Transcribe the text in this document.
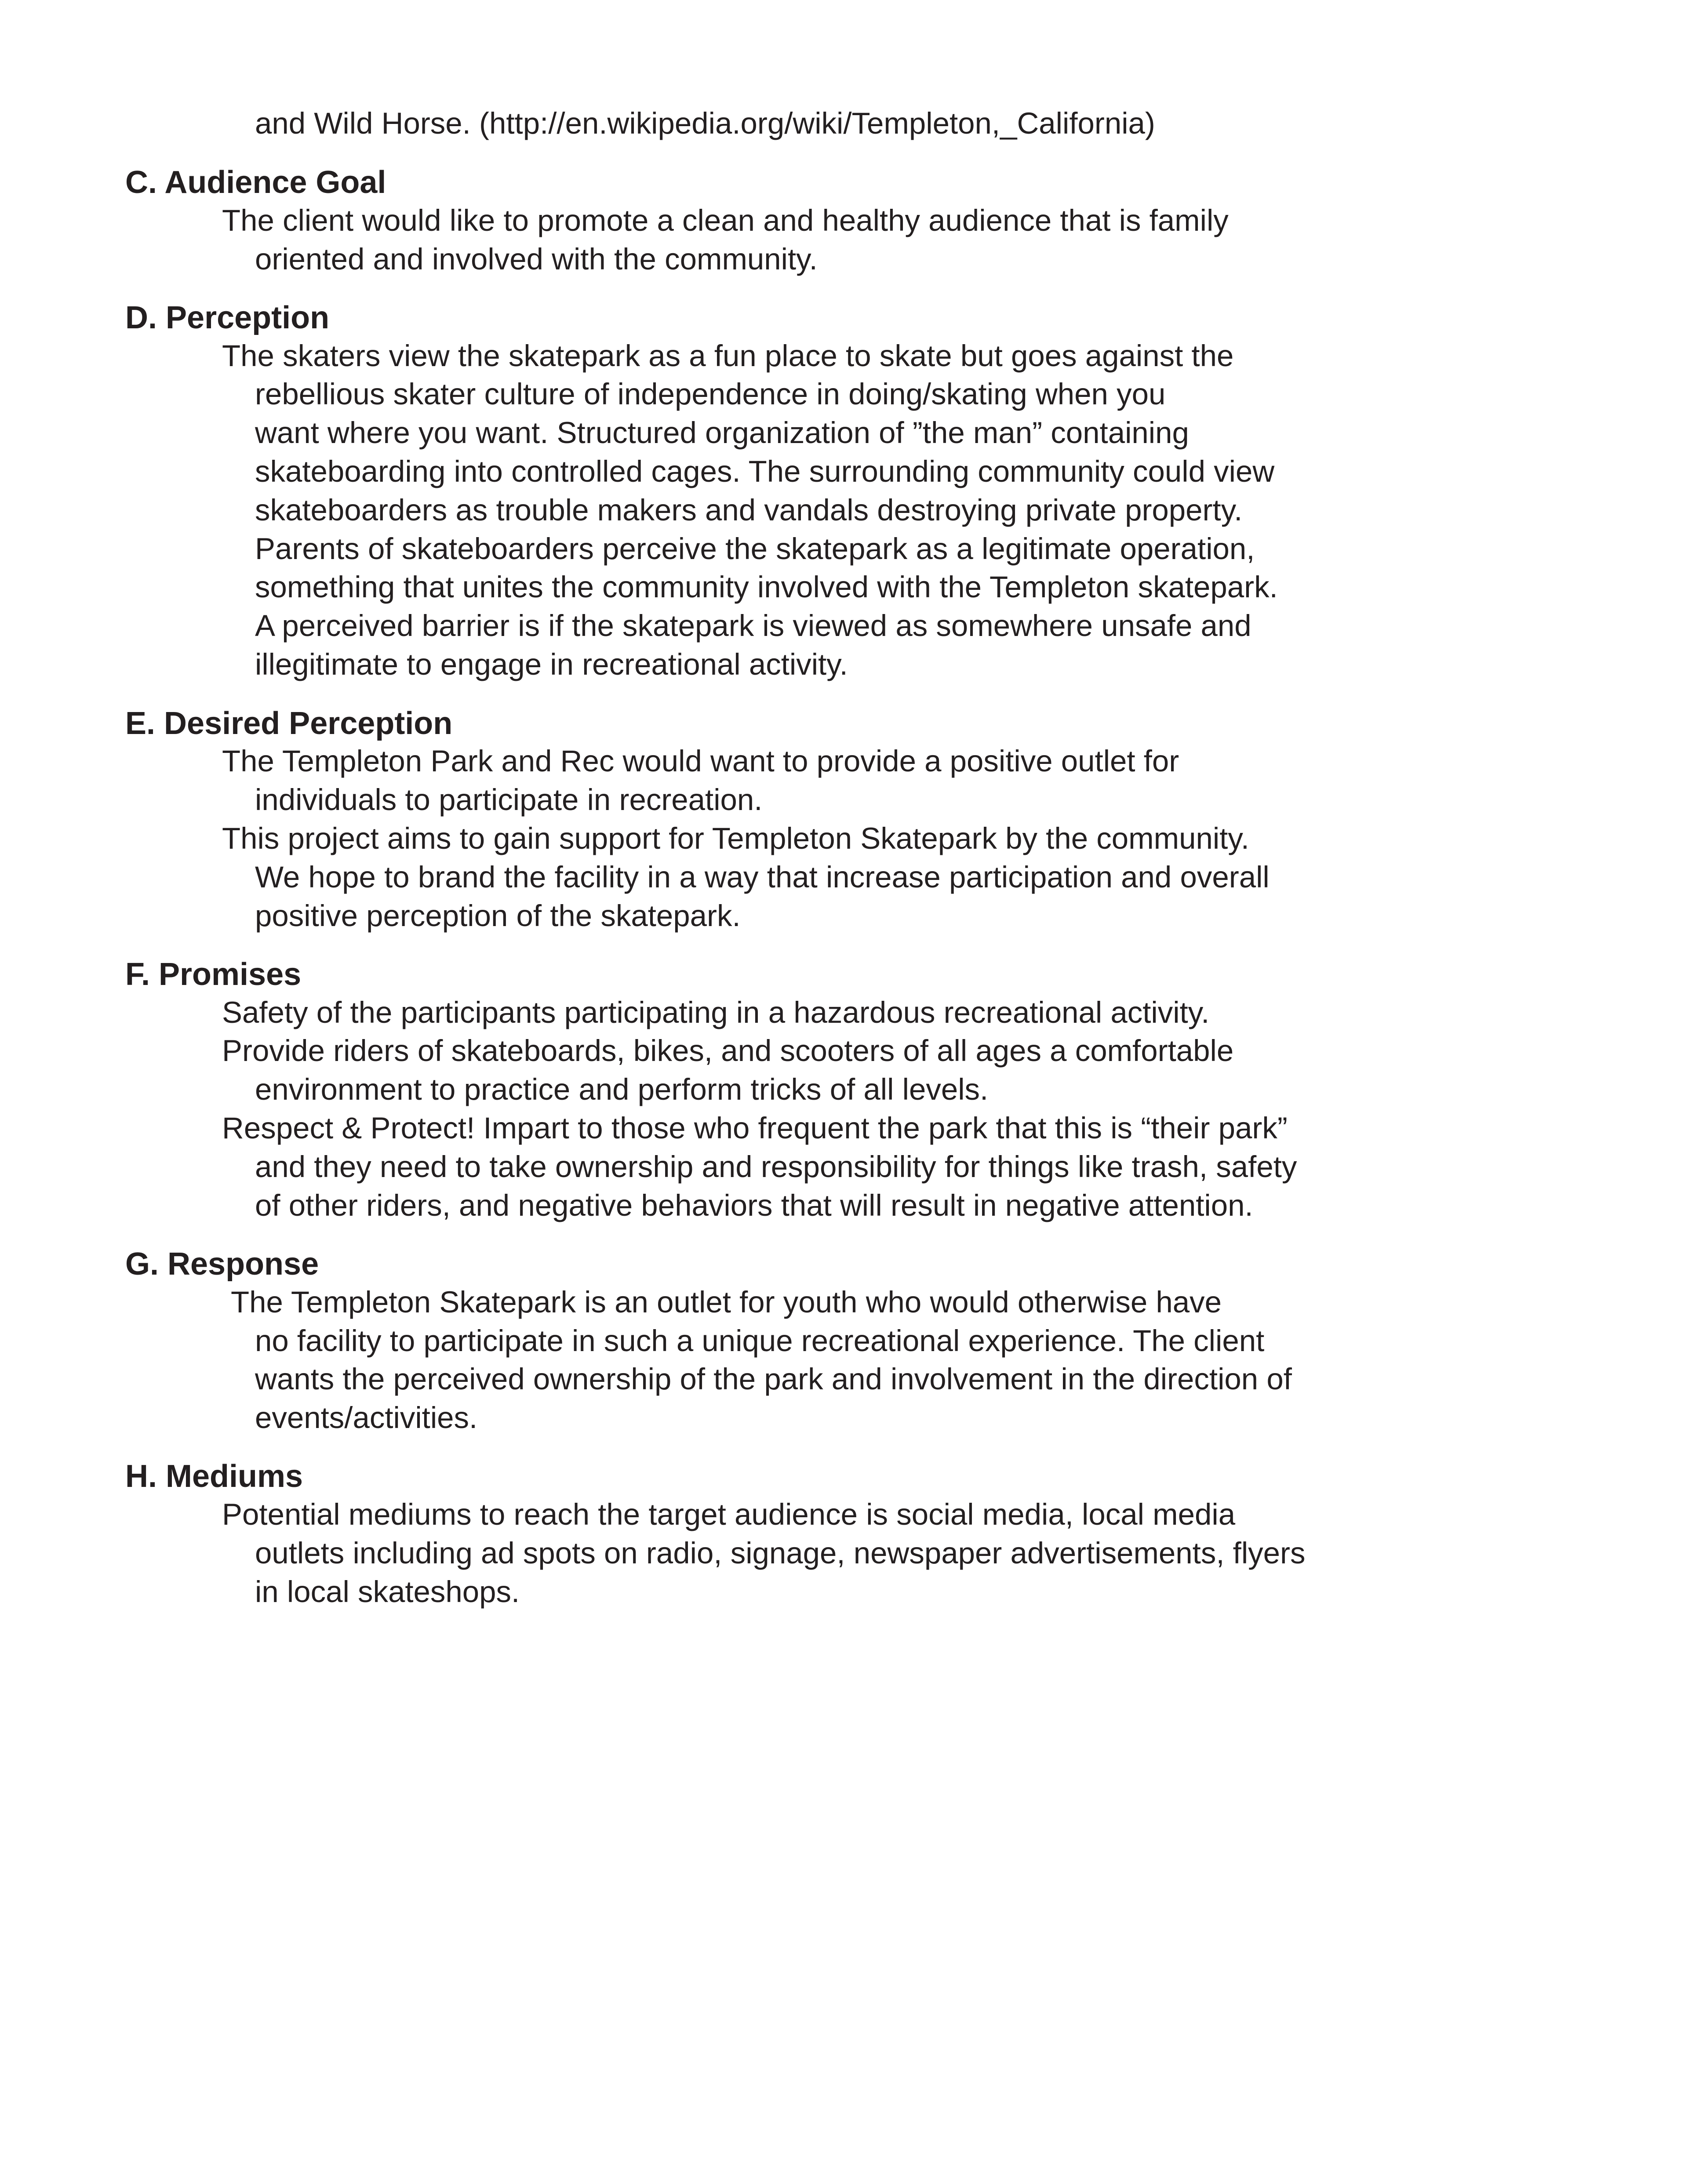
and Wild Horse. (http://en.wikipedia.org/wiki/Templeton,_California)
C. Audience Goal
The client would like to promote a clean and healthy audience that is family
oriented and involved with the community.
D. Perception
The skaters view the skatepark as a fun place to skate but goes against the
rebellious skater culture of independence in doing/skating when you
want where you want. Structured organization of ”the man” containing
skateboarding into controlled cages. The surrounding community could view
skateboarders as trouble makers and vandals destroying private property.
Parents of skateboarders perceive the skatepark as a legitimate operation,
something that unites the community involved with the Templeton skatepark.
A perceived barrier is if the skatepark is viewed as somewhere unsafe and
illegitimate to engage in recreational activity.
E. Desired Perception
The Templeton Park and Rec would want to provide a positive outlet for
individuals to participate in recreation.
This project aims to gain support for Templeton Skatepark by the community.
We hope to brand the facility in a way that increase participation and overall
positive perception of the skatepark.
F. Promises
Safety of the participants participating in a hazardous recreational activity.
Provide riders of skateboards, bikes, and scooters of all ages a comfortable
environment to practice and perform tricks of all levels.
Respect & Protect! Impart to those who frequent the park that this is “their park”
and they need to take ownership and responsibility for things like trash, safety
of other riders, and negative behaviors that will result in negative attention.
G. Response
The Templeton Skatepark is an outlet for youth who would otherwise have
no facility to participate in such a unique recreational experience. The client
wants the perceived ownership of the park and involvement in the direction of
events/activities.
H. Mediums
Potential mediums to reach the target audience is social media, local media
outlets including ad spots on radio, signage, newspaper advertisements, flyers
in local skateshops.
